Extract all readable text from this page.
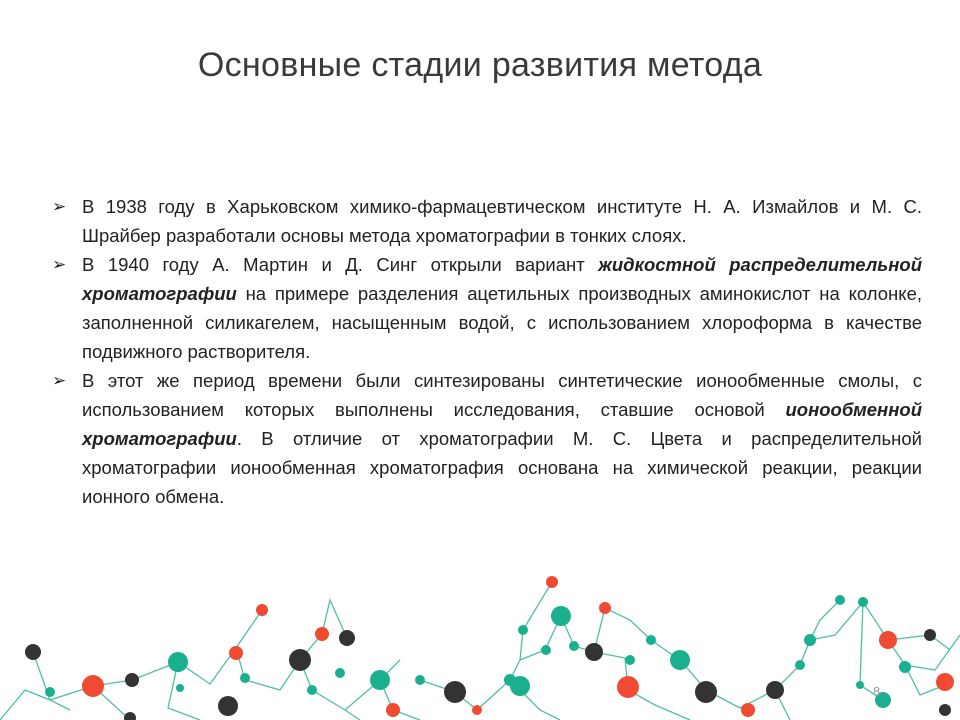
Основные стадии развития метода
➢ В 1938 году в Харьковском химико-фармацевтическом институте Н. А. Измайлов и М. С. Шрайбер разработали основы метода хроматографии в тонких слоях.
➢ В 1940 году А. Мартин и Д. Синг открыли вариант жидкостной распределительной хроматографии на примере разделения ацетильных производных аминокислот на колонке, заполненной силикагелем, насыщенным водой, с использованием хлороформа в качестве подвижного растворителя.
➢ В этот же период времени были синтезированы синтетические ионообменные смолы, с использованием которых выполнены исследования, ставшие основой ионообменной хроматографии. В отличие от хроматографии М. С. Цвета и распределительной хроматографии ионообменная хроматография основана на химической реакции, реакции ионного обмена.
8
